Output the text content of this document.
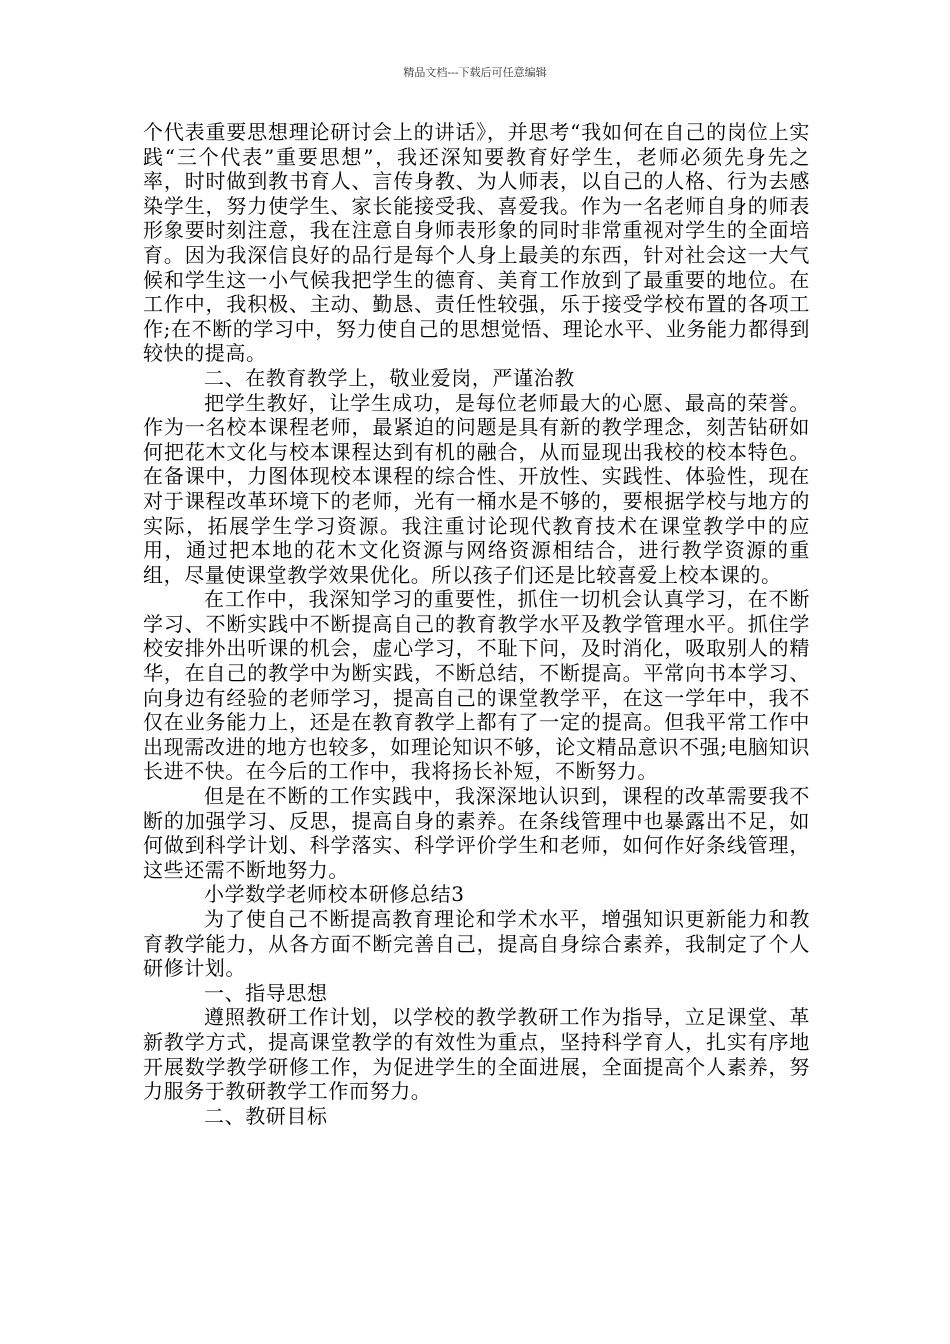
精品文档---下载后可任意编辑

个代表重要思想理论研讨会上的讲话》，并思考“我如何在自己的岗位上实践“三个代表”重要思想”，我还深知要教育好学生，老师必须先身先之率，时时做到教书育人、言传身教、为人师表，以自己的人格、行为去感染学生，努力使学生、家长能接受我、喜爱我。作为一名老师自身的师表形象要时刻注意，我在注意自身师表形象的同时非常重视对学生的全面培育。因为我深信良好的品行是每个人身上最美的东西，针对社会这一大气候和学生这一小气候我把学生的德育、美育工作放到了最重要的地位。在工作中，我积极、主动、勤恳、责任性较强，乐于接受学校布置的各项工作;在不断的学习中，努力使自己的思想觉悟、理论水平、业务能力都得到较快的提高。

二、在教育教学上，敬业爱岗，严谨治教

把学生教好，让学生成功，是每位老师最大的心愿、最高的荣誉。作为一名校本课程老师，最紧迫的问题是具有新的教学理念，刻苦钻研如何把花木文化与校本课程达到有机的融合，从而显现出我校的校本特色。在备课中，力图体现校本课程的综合性、开放性、实践性、体验性，现在对于课程改革环境下的老师，光有一桶水是不够的，要根据学校与地方的实际，拓展学生学习资源。我注重讨论现代教育技术在课堂教学中的应用，通过把本地的花木文化资源与网络资源相结合，进行教学资源的重组，尽量使课堂教学效果优化。所以孩子们还是比较喜爱上校本课的。

在工作中，我深知学习的重要性，抓住一切机会认真学习，在不断学习、不断实践中不断提高自己的教育教学水平及教学管理水平。抓住学校安排外出听课的机会，虚心学习，不耻下问，及时消化，吸取别人的精华，在自己的教学中为断实践，不断总结，不断提高。平常向书本学习、向身边有经验的老师学习，提高自己的课堂教学平，在这一学年中，我不仅在业务能力上，还是在教育教学上都有了一定的提高。但我平常工作中出现需改进的地方也较多，如理论知识不够，论文精品意识不强;电脑知识长进不快。在今后的工作中，我将扬长补短，不断努力。

但是在不断的工作实践中，我深深地认识到，课程的改革需要我不断的加强学习、反思，提高自身的素养。在条线管理中也暴露出不足，如何做到科学计划、科学落实、科学评价学生和老师，如何作好条线管理，这些还需不断地努力。

小学数学老师校本研修总结3

为了使自己不断提高教育理论和学术水平，增强知识更新能力和教育教学能力，从各方面不断完善自己，提高自身综合素养，我制定了个人研修计划。

一、指导思想

遵照教研工作计划，以学校的教学教研工作为指导，立足课堂、革新教学方式，提高课堂教学的有效性为重点，坚持科学育人，扎实有序地开展数学教学研修工作，为促进学生的全面进展，全面提高个人素养，努力服务于教研教学工作而努力。

二、教研目标
